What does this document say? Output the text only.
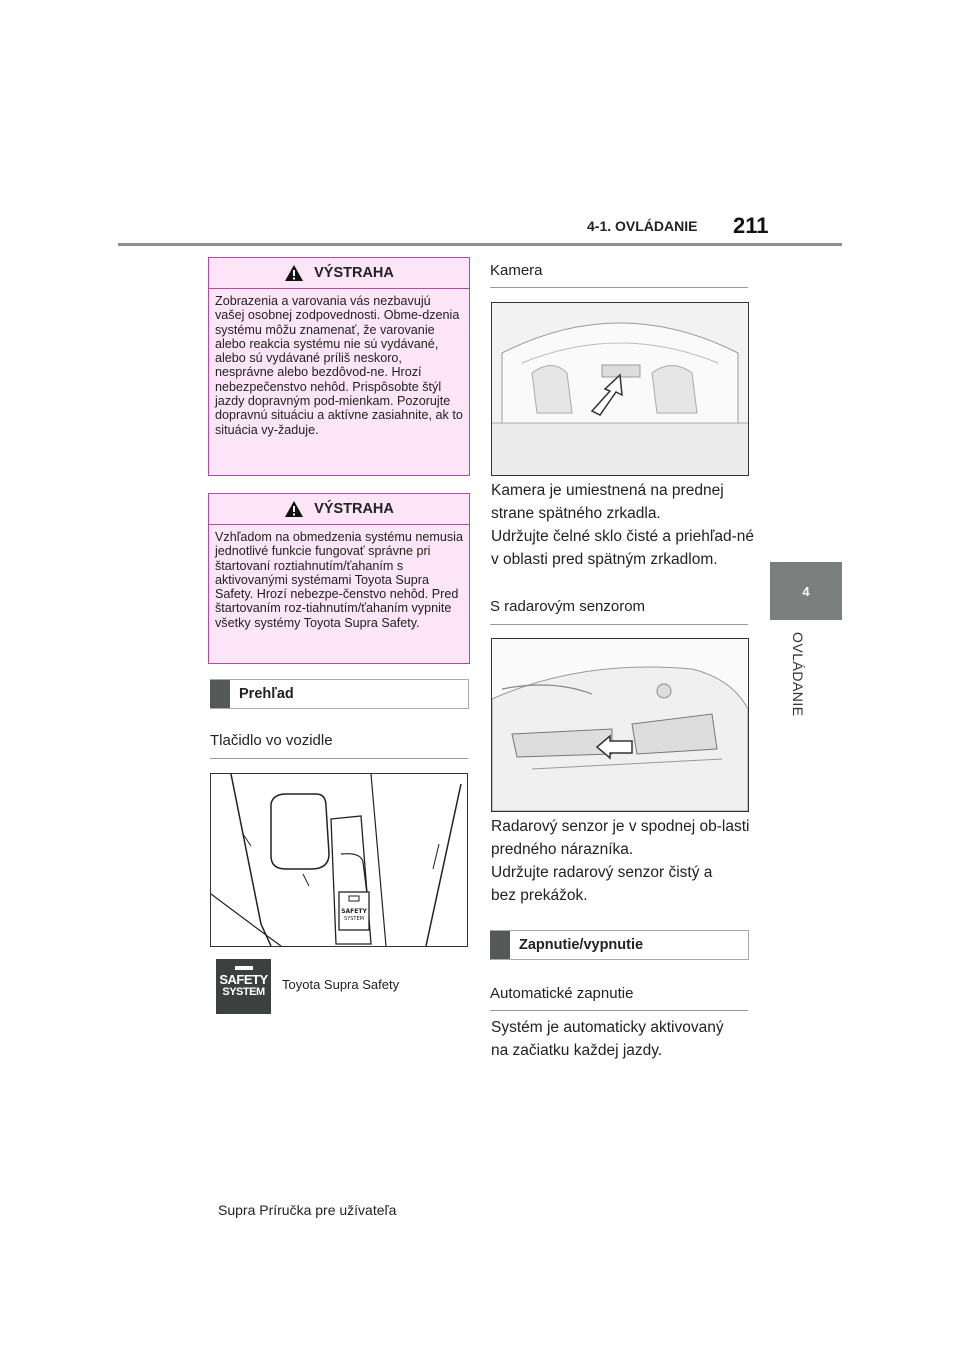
4-1. OVLÁDANIE 211
4
OVLÁDANIE
VÝSTRAHA
Zobrazenia a varovania vás nezbavujú vašej osobnej zodpovednosti. Obme-dzenia systému môžu znamenať, že varovanie alebo reakcia systému nie sú vydávané, alebo sú vydávané príliš neskoro, nesprávne alebo bezdôvod-ne. Hrozí nebezpečenstvo nehôd. Prispôsobte štýl jazdy dopravným pod-mienkam. Pozorujte dopravnú situáciu a aktívne zasiahnite, ak to situácia vy-žaduje.
VÝSTRAHA
Vzhľadom na obmedzenia systému nemusia jednotlivé funkcie fungovať správne pri štartovaní roztiahnutím/ťahaním s aktivovanými systémami Toyota Supra Safety. Hrozí nebezpe-čenstvo nehôd. Pred štartovaním roz-tiahnutím/ťahaním vypnite všetky systémy Toyota Supra Safety.
Prehľad
Tlačidlo vo vozidle
SAFETY
SYSTEM
SAFETY
SYSTEM	Toyota Supra Safety
Kamera
Kamera je umiestnená na prednej strane spätného zrkadla.
Udržujte čelné sklo čisté a priehľad-né v oblasti pred spätným zrkadlom.
S radarovým senzorom
Radarový senzor je v spodnej ob-lasti predného nárazníka.
Udržujte radarový senzor čistý a bez prekážok.
Zapnutie/vypnutie
Automatické zapnutie
Systém je automaticky aktivovaný na začiatku každej jazdy.
Supra Príručka pre užívateľa
